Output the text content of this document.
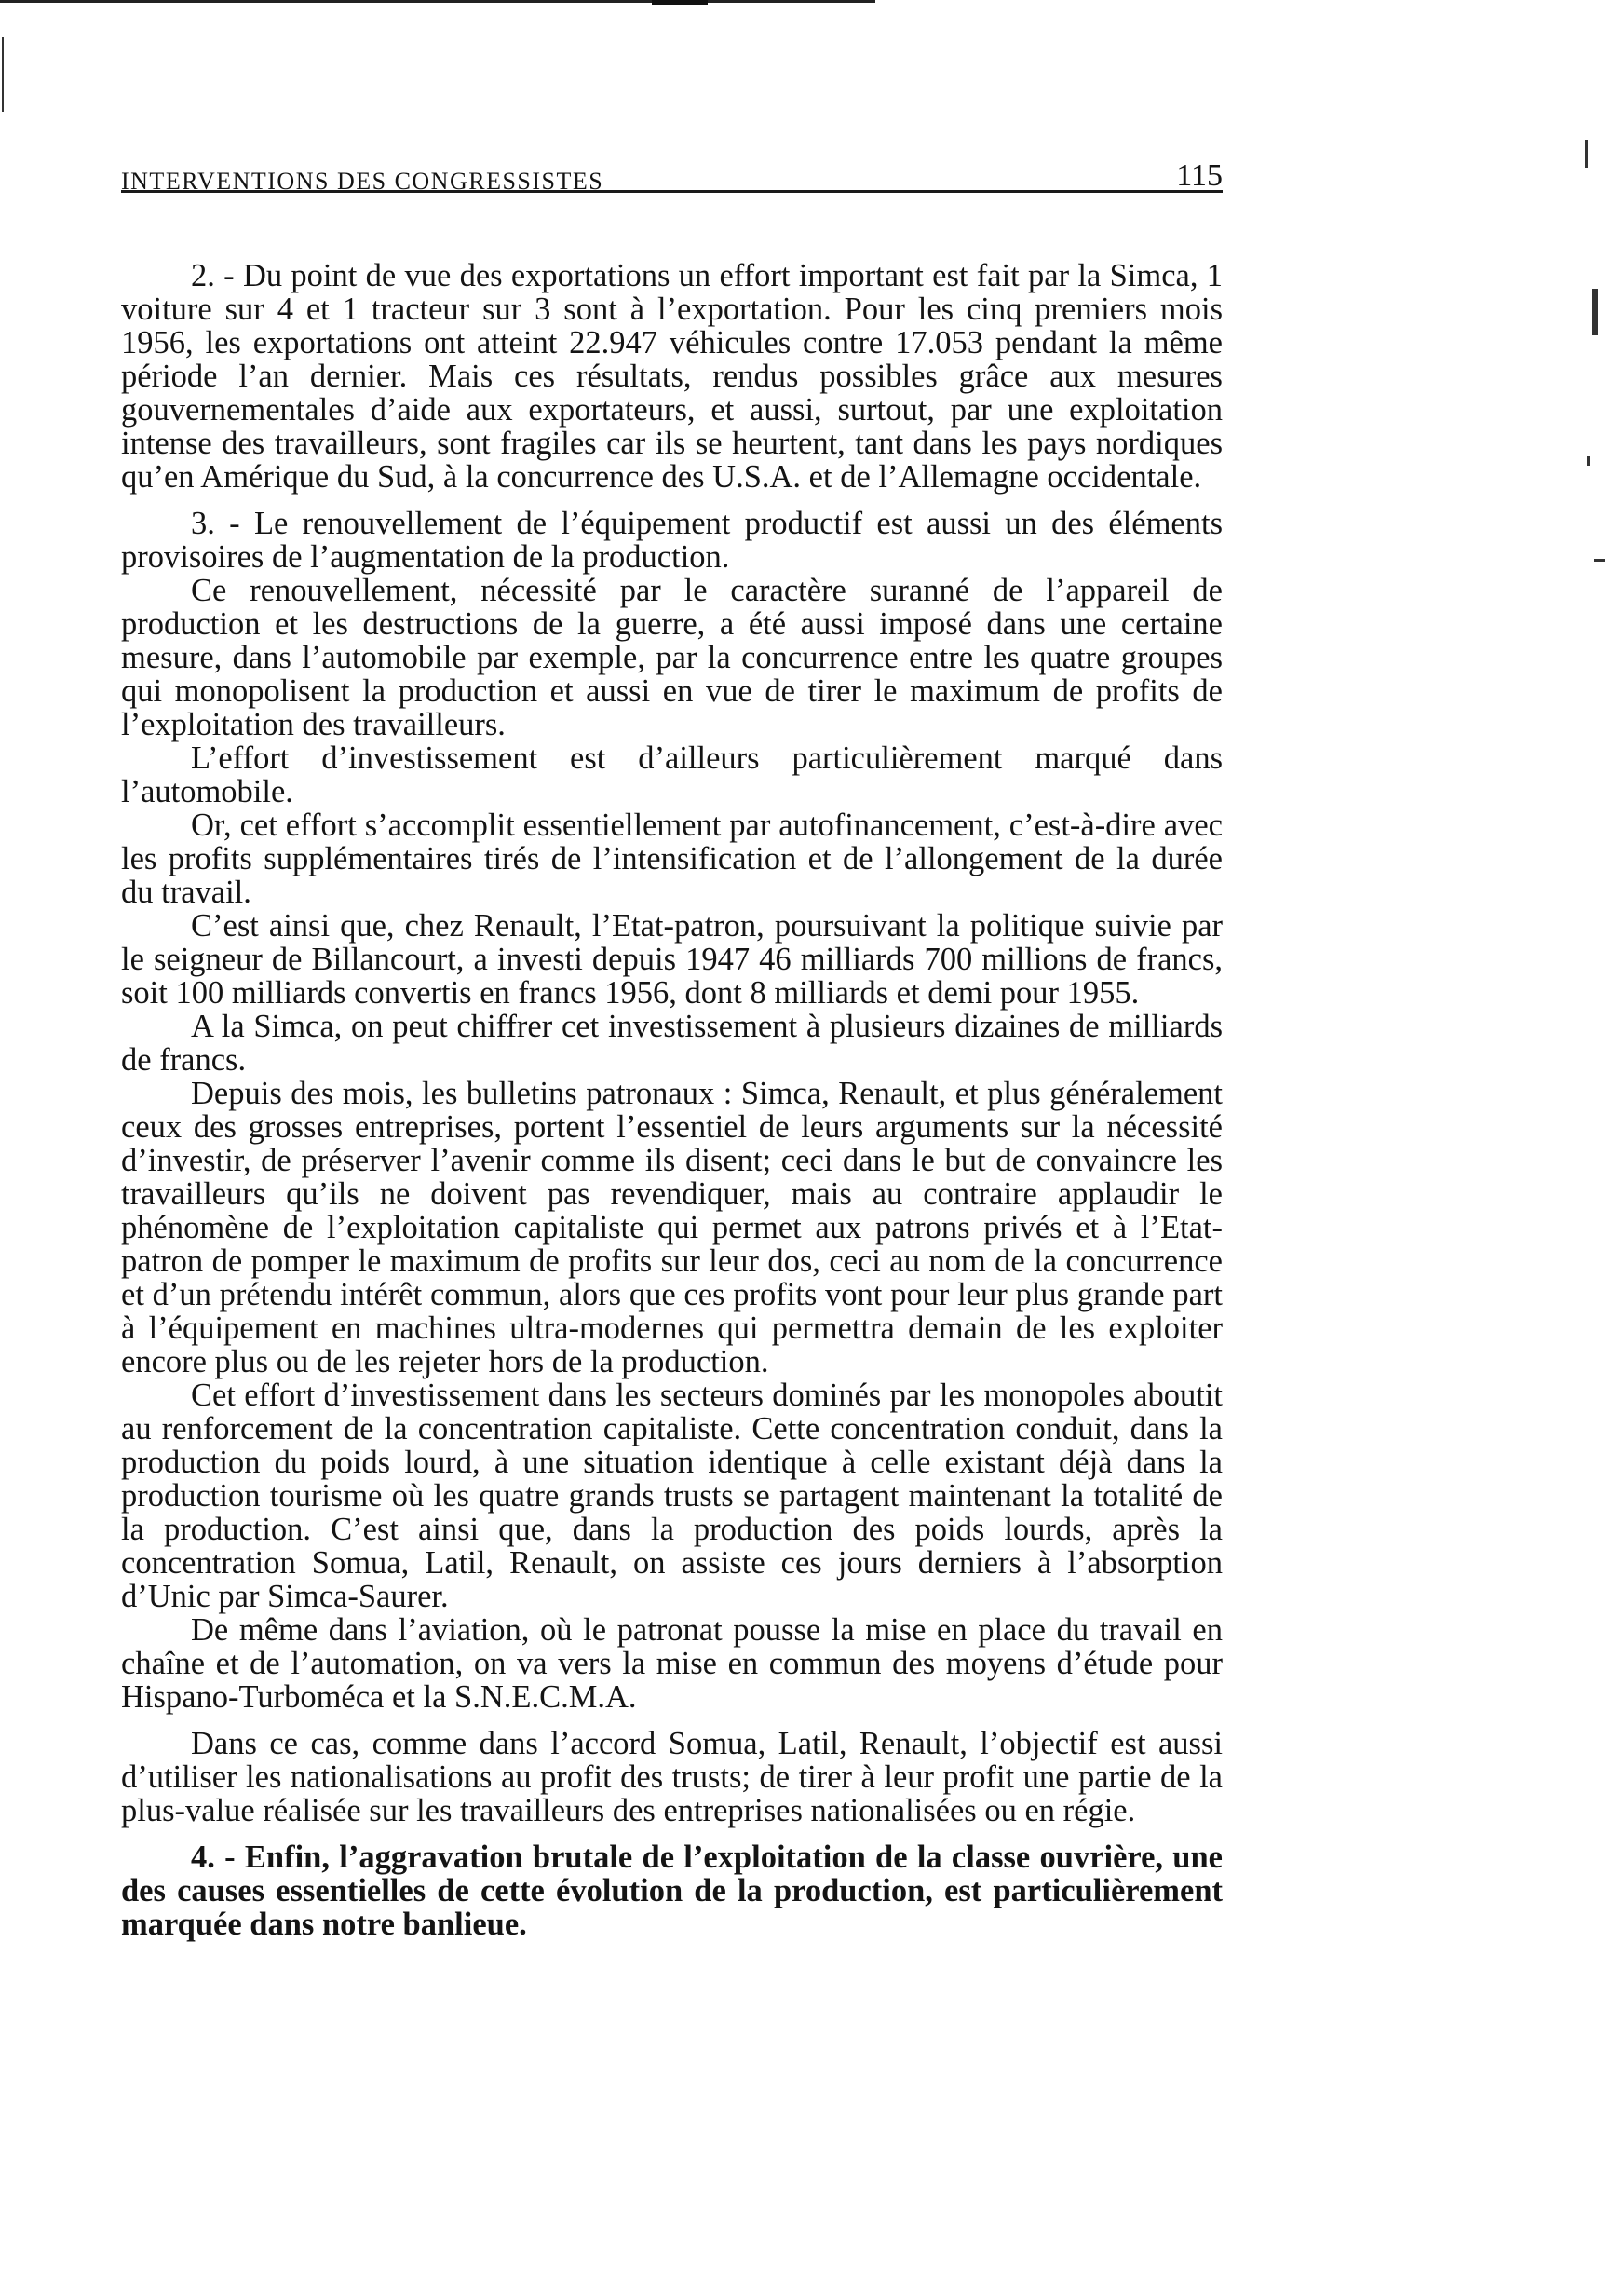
INTERVENTIONS DES CONGRESSISTES	115

2. - Du point de vue des exportations un effort important est fait par la Simca, 1 voiture sur 4 et 1 tracteur sur 3 sont à l’exportation. Pour les cinq premiers mois 1956, les exportations ont atteint 22.947 véhicules contre 17.053 pendant la même période l’an dernier. Mais ces résultats, rendus possibles grâce aux mesures gouvernementales d’aide aux exportateurs, et aussi, surtout, par une exploitation intense des travailleurs, sont fragiles car ils se heurtent, tant dans les pays nordiques qu’en Amérique du Sud, à la concurrence des U.S.A. et de l’Allemagne occidentale.

3. - Le renouvellement de l’équipement productif est aussi un des éléments provisoires de l’augmentation de la production.

Ce renouvellement, nécessité par le caractère suranné de l’appareil de production et les destructions de la guerre, a été aussi imposé dans une certaine mesure, dans l’automobile par exemple, par la concurrence entre les quatre groupes qui monopolisent la production et aussi en vue de tirer le maximum de profits de l’exploitation des travailleurs.

L’effort d’investissement est d’ailleurs particulièrement marqué dans l’automobile.

Or, cet effort s’accomplit essentiellement par autofinancement, c’est-à-dire avec les profits supplémentaires tirés de l’intensification et de l’allongement de la durée du travail.

C’est ainsi que, chez Renault, l’Etat-patron, poursuivant la politique suivie par le seigneur de Billancourt, a investi depuis 1947 46 milliards 700 millions de francs, soit 100 milliards convertis en francs 1956, dont 8 milliards et demi pour 1955.

A la Simca, on peut chiffrer cet investissement à plusieurs dizaines de milliards de francs.

Depuis des mois, les bulletins patronaux : Simca, Renault, et plus généralement ceux des grosses entreprises, portent l’essentiel de leurs arguments sur la nécessité d’investir, de préserver l’avenir comme ils disent; ceci dans le but de convaincre les travailleurs qu’ils ne doivent pas revendiquer, mais au contraire applaudir le phénomène de l’exploitation capitaliste qui permet aux patrons privés et à l’Etat-patron de pomper le maximum de profits sur leur dos, ceci au nom de la concurrence et d’un prétendu intérêt commun, alors que ces profits vont pour leur plus grande part à l’équipement en machines ultra-modernes qui permettra demain de les exploiter encore plus ou de les rejeter hors de la production.

Cet effort d’investissement dans les secteurs dominés par les monopoles aboutit au renforcement de la concentration capitaliste. Cette concentration conduit, dans la production du poids lourd, à une situation identique à celle existant déjà dans la production tourisme où les quatre grands trusts se partagent maintenant la totalité de la production. C’est ainsi que, dans la production des poids lourds, après la concentration Somua, Latil, Renault, on assiste ces jours derniers à l’absorption d’Unic par Simca-Saurer.

De même dans l’aviation, où le patronat pousse la mise en place du travail en chaîne et de l’automation, on va vers la mise en commun des moyens d’étude pour Hispano-Turboméca et la S.N.E.C.M.A.

Dans ce cas, comme dans l’accord Somua, Latil, Renault, l’objectif est aussi d’utiliser les nationalisations au profit des trusts; de tirer à leur profit une partie de la plus-value réalisée sur les travailleurs des entreprises nationalisées ou en régie.

4. - Enfin, l’aggravation brutale de l’exploitation de la classe ouvrière, une des causes essentielles de cette évolution de la production, est particulièrement marquée dans notre banlieue.
